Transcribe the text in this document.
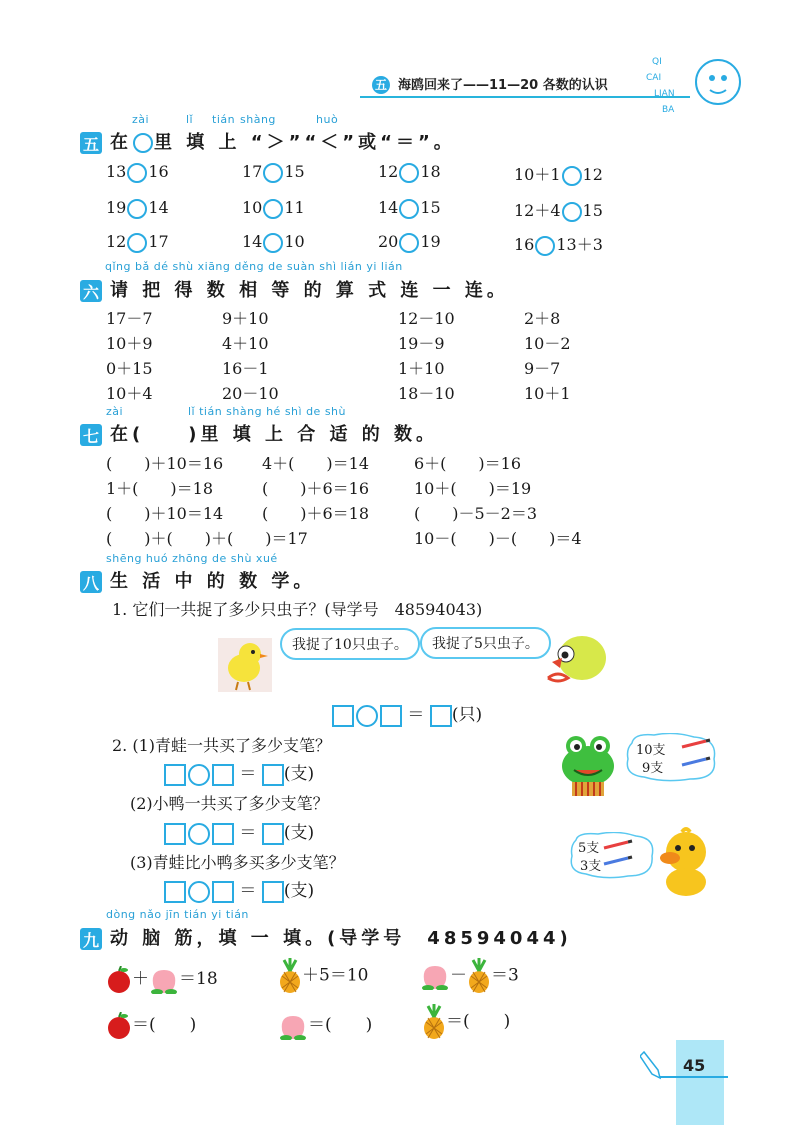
五 海鸥回来了——11—20 各数的认识
QI
CAI
LIAN
BA
zài	lǐ tián shàng	huò
五 在 里 填 上 “＞”“＜”或“＝”。
13 16	17 15	12 18	10＋1 12
19 14	10 11	14 15	12＋4 15
12 17	14 10	20 19	16 13＋3
qǐng bǎ dé shù xiāng děng de suàn shì lián yi lián
六 请 把 得 数 相 等 的 算 式 连 一 连。
17－7	9＋10	12－10	2＋8
10＋9	4＋10	19－9	10－2
0＋15	16－1	1＋10	9－7
10＋4	20－10	18－10	10＋1
zài	lǐ tián shàng hé shì de shù
七 在(　　)里 填 上 合 适 的 数。
(　　)＋10＝16 4＋(　　)＝14	6＋(　　)＝16
1＋(　　)＝18	(　　)＋6＝16	10＋(　　)＝19
(　　)＋10＝14 (　　)＋6＝18	(　　)－5－2＝3
(　　)＋(　　)＋(　　)＝17	10－(　　)－(　　)＝4
shēng huó zhōng de shù xué
八 生 活 中 的 数 学。
1. 它们一共捉了多少只虫子？(导学号　48594043)
我捉了10只虫子。	我捉了5只虫子。
＝ (只)
2. (1)青蛙一共买了多少支笔？
＝ (支)
(2)小鸭一共买了多少支笔？
＝ (支)
(3)青蛙比小鸭多买多少支笔？
＝ (支)
10支
9支
5支
3支
dòng nǎo jīn tián yi tián
九 动 脑 筋，填 一 填。(导学号　48594044)
＋ ＝18	＋5＝10	－ ＝3
＝(　　)	＝(　　)	＝(　　)
45
